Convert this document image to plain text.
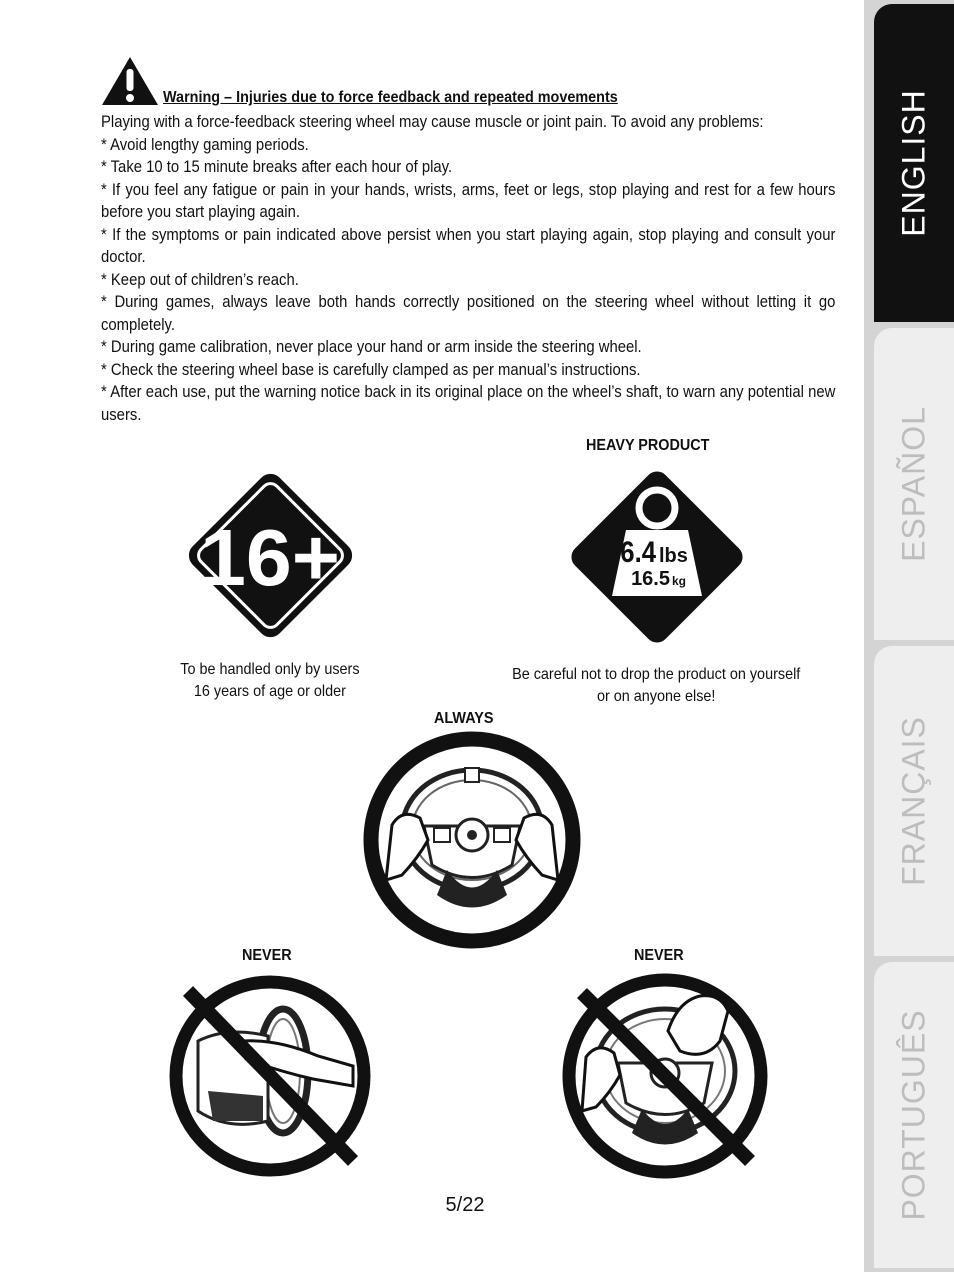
Warning – Injuries due to force feedback and repeated movements

Playing with a force-feedback steering wheel may cause muscle or joint pain. To avoid any problems:

* Avoid lengthy gaming periods.

* Take 10 to 15 minute breaks after each hour of play.

* If you feel any fatigue or pain in your hands, wrists, arms, feet or legs, stop playing and rest for a few hours before you start playing again.

* If the symptoms or pain indicated above persist when you start playing again, stop playing and consult your doctor.

* Keep out of children’s reach.

* During games, always leave both hands correctly positioned on the steering wheel without letting it go completely.

* During game calibration, never place your hand or arm inside the steering wheel.

* Check the steering wheel base is carefully clamped as per manual’s instructions.

* After each use, put the warning notice back in its original place on the wheel’s shaft, to warn any potential new users.

16+
To be handled only by users
16 years of age or older
HEAVY PRODUCT
36.4 lbs
16.5 kg
Be careful not to drop the product on yourself
or on anyone else!
ALWAYS
NEVER	NEVER
5/22
ENGLISH
ESPAÑOL
FRANÇAIS
PORTUGUÊS
